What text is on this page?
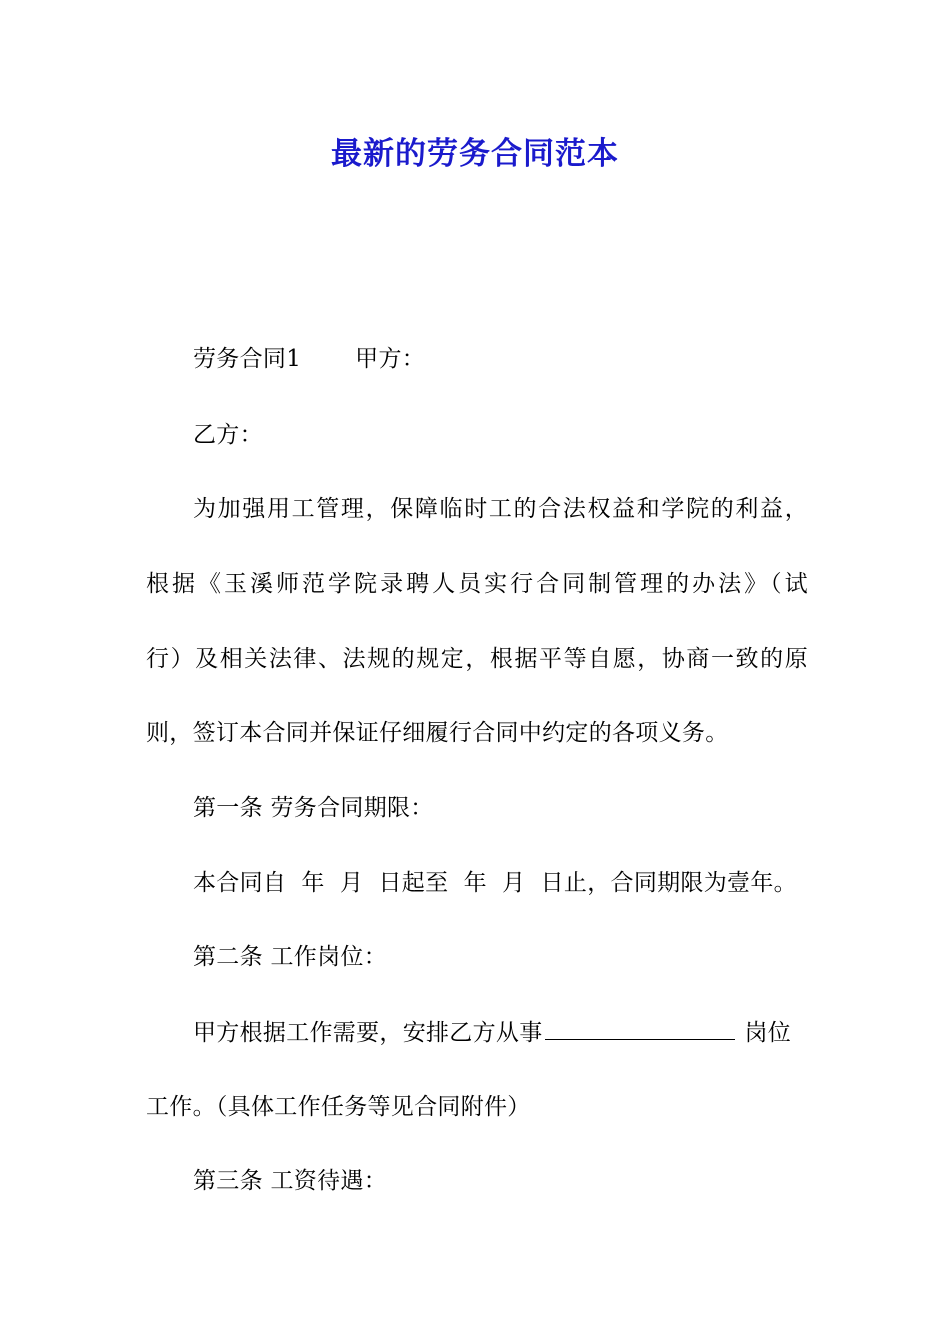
最新的劳务合同范本
劳务合同1 甲方：
乙方：
为加强用工管理，保障临时工的合法权益和学院的利益，
根据《玉溪师范学院录聘人员实行合同制管理的办法》（试
行）及相关法律、法规的规定，根据平等自愿，协商一致的原
则，签订本合同并保证仔细履行合同中约定的各项义务。
第一条 劳务合同期限：
本合同自  年  月  日起至  年  月  日止，合同期限为壹年。
第二条 工作岗位：
甲方根据工作需要，安排乙方从事	岗位
工作。（具体工作任务等见合同附件）
第三条 工资待遇：
